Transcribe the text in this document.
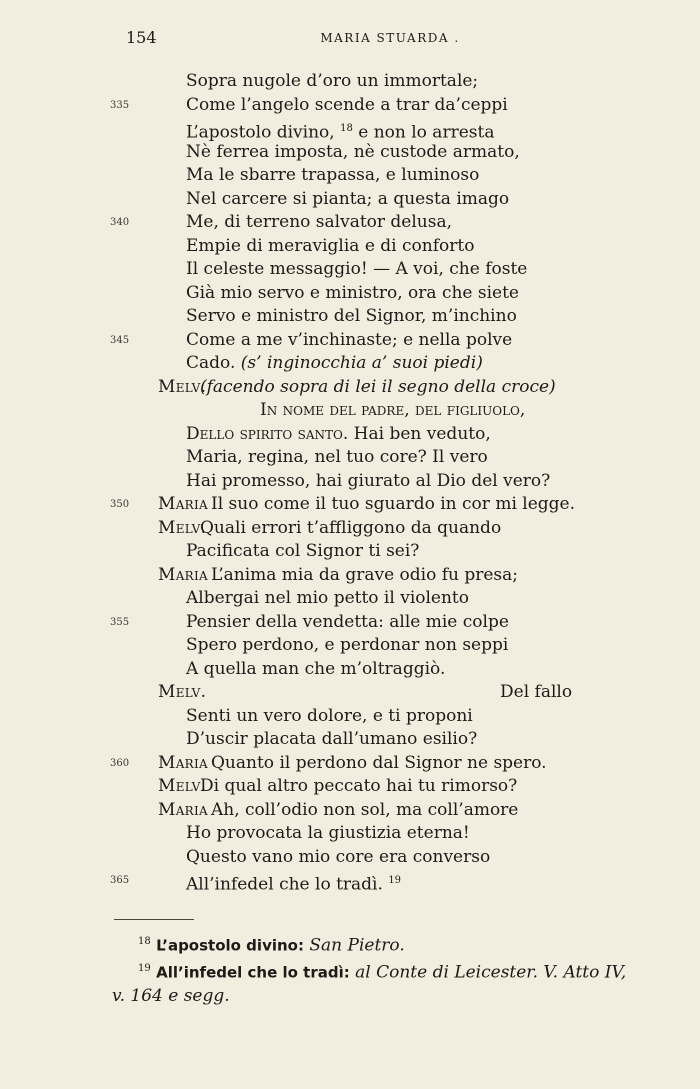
154	MARIA STUARDA .
Sopra nugole d’oro un immortale;
335	Come l’angelo scende a trar da’ceppi
L’apostolo divino, $^{18}$ e non lo arresta
Nè ferrea imposta, nè custode armato,
Ma le sbarre trapassa, e luminoso
Nel carcere si pianta; a questa imago
340	Me, di terreno salvator delusa,
Empie di meraviglia e di conforto
Il celeste messaggio! — A voi, che foste
Già mio servo e ministro, ora che siete
Servo e ministro del Signor, m’inchino
345	Come a me v’inchinaste; e nella polve
Cado. (s’ inginocchia a’ suoi piedi)
Melv.
(facendo sopra di lei il segno della croce)
In nome del padre, del figliuolo,
Dello spirito santo. Hai ben veduto,
Maria, regina, nel tuo core? Il vero
Hai promesso, hai giurato al Dio del vero?
350 Maria Il suo come il tuo sguardo in cor mi legge.
Melv.
Quali errori t’affliggono da quando
Pacificata col Signor ti sei?
Maria L’anima mia da grave odio fu presa;
Albergai nel mio petto il violento
355	Pensier della vendetta: alle mie colpe
Spero perdono, e perdonar non seppi
A quella man che m’oltraggiò.
Melv.	Del fallo
Senti un vero dolore, e ti proponi
D’uscir placata dall’umano esilio?
360 Maria Quanto il perdono dal Signor ne spero.
Melv.
Di qual altro peccato hai tu rimorso?
Maria Ah, coll’odio non sol, ma coll’amore
Ho provocata la giustizia eterna!
Questo vano mio core era converso
365	All’infedel che lo tradì. $^{19}$
$^{18}$ L’apostolo divino: San Pietro.
$^{19}$ All’infedel che lo tradì: al Conte di Leicester. V. Atto IV,
v. 164 e segg.
